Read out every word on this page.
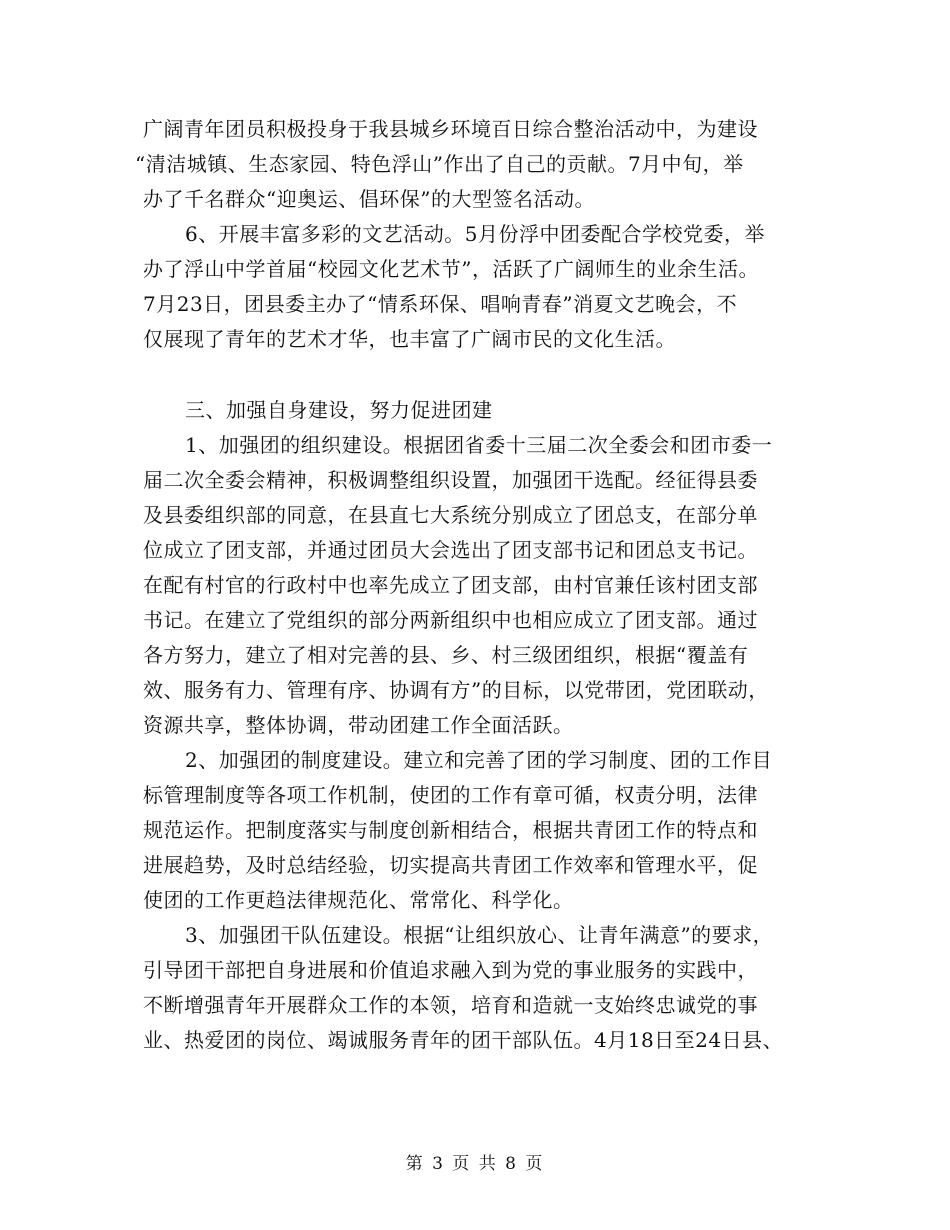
广阔青年团员积极投身于我县城乡环境百日综合整治活动中，为建设
“清洁城镇、生态家园、特色浮山”作出了自己的贡献。7月中旬，举
办了千名群众“迎奥运、倡环保”的大型签名活动。
6、开展丰富多彩的文艺活动。5月份浮中团委配合学校党委，举
办了浮山中学首届“校园文化艺术节”，活跃了广阔师生的业余生活。
7月23日，团县委主办了“情系环保、唱响青春”消夏文艺晚会，不
仅展现了青年的艺术才华，也丰富了广阔市民的文化生活。
三、加强自身建设，努力促进团建
1、加强团的组织建设。根据团省委十三届二次全委会和团市委一
届二次全委会精神，积极调整组织设置，加强团干选配。经征得县委
及县委组织部的同意，在县直七大系统分别成立了团总支，在部分单
位成立了团支部，并通过团员大会选出了团支部书记和团总支书记。
在配有村官的行政村中也率先成立了团支部，由村官兼任该村团支部
书记。在建立了党组织的部分两新组织中也相应成立了团支部。通过
各方努力，建立了相对完善的县、乡、村三级团组织，根据“覆盖有
效、服务有力、管理有序、协调有方”的目标，以党带团，党团联动，
资源共享，整体协调，带动团建工作全面活跃。
2、加强团的制度建设。建立和完善了团的学习制度、团的工作目
标管理制度等各项工作机制，使团的工作有章可循，权责分明，法律
规范运作。把制度落实与制度创新相结合，根据共青团工作的特点和
进展趋势，及时总结经验，切实提高共青团工作效率和管理水平，促
使团的工作更趋法律规范化、常常化、科学化。
3、加强团干队伍建设。根据“让组织放心、让青年满意”的要求，
引导团干部把自身进展和价值追求融入到为党的事业服务的实践中，
不断增强青年开展群众工作的本领，培育和造就一支始终忠诚党的事
业、热爱团的岗位、竭诚服务青年的团干部队伍。4月18日至24日县、
第 3 页 共 8 页
